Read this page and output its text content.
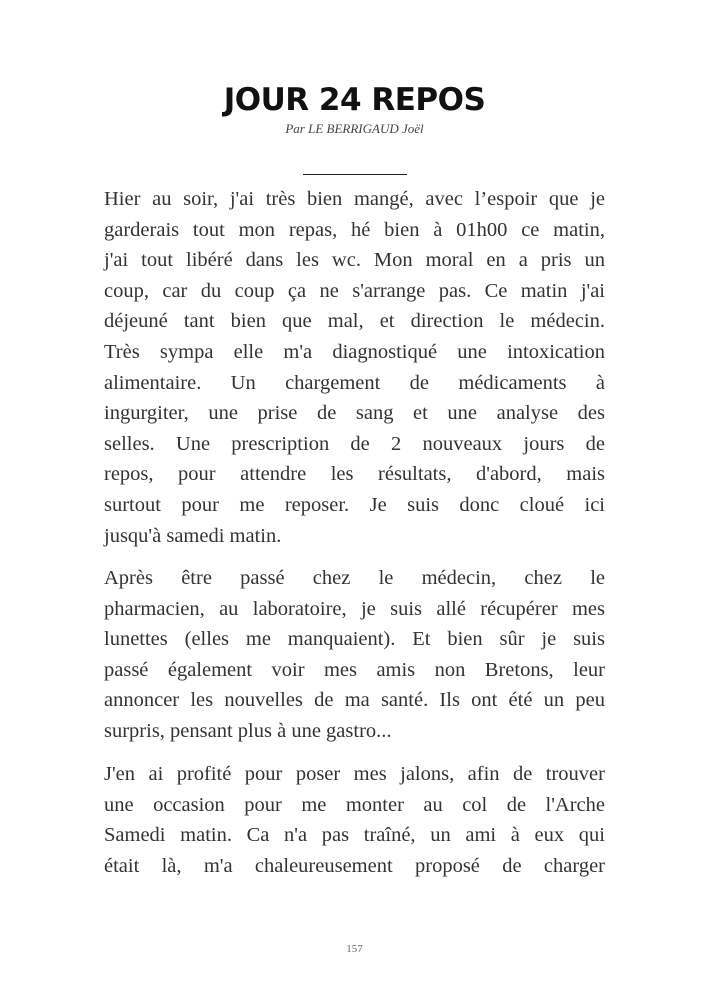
JOUR 24 REPOS
Par LE BERRIGAUD Joël
Hier au soir, j'ai très bien mangé, avec l’espoir que je
garderais tout mon repas, hé bien à 01h00 ce matin,
j'ai tout libéré dans les wc. Mon moral en a pris un
coup, car du coup ça ne s'arrange pas. Ce matin j'ai
déjeuné tant bien que mal, et direction le médecin.
Très sympa elle m'a diagnostiqué une intoxication
alimentaire. Un chargement de médicaments à
ingurgiter, une prise de sang et une analyse des
selles. Une prescription de 2 nouveaux jours de
repos, pour attendre les résultats, d'abord, mais
surtout pour me reposer. Je suis donc cloué ici
jusqu'à samedi matin.
Après être passé chez le médecin, chez le
pharmacien, au laboratoire, je suis allé récupérer mes
lunettes (elles me manquaient). Et bien sûr je suis
passé également voir mes amis non Bretons, leur
annoncer les nouvelles de ma santé. Ils ont été un peu
surpris, pensant plus à une gastro...
J'en ai profité pour poser mes jalons, afin de trouver
une occasion pour me monter au col de l'Arche
Samedi matin. Ca n'a pas traîné, un ami à eux qui
était là, m'a chaleureusement proposé de charger
157
